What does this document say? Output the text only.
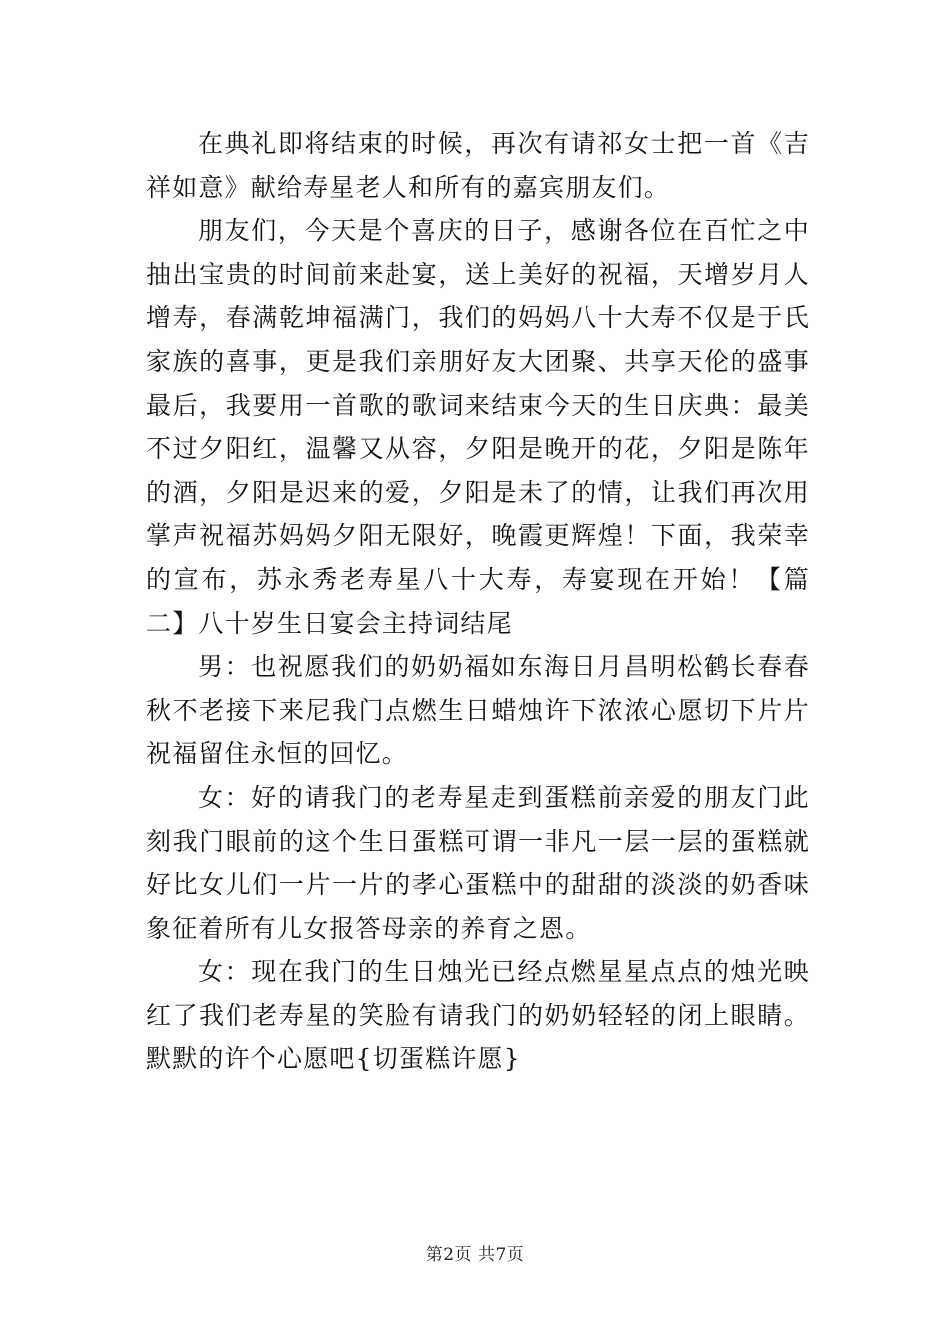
在典礼即将结束的时候，再次有请祁女士把一首《吉祥如意》献给寿星老人和所有的嘉宾朋友们。

朋友们，今天是个喜庆的日子，感谢各位在百忙之中抽出宝贵的时间前来赴宴，送上美好的祝福，天增岁月人增寿，春满乾坤福满门，我们的妈妈八十大寿不仅是于氏家族的喜事，更是我们亲朋好友大团聚、共享天伦的盛事最后，我要用一首歌的歌词来结束今天的生日庆典：最美不过夕阳红，温馨又从容，夕阳是晚开的花，夕阳是陈年的酒，夕阳是迟来的爱，夕阳是未了的情，让我们再次用掌声祝福苏妈妈夕阳无限好，晚霞更辉煌！下面，我荣幸的宣布，苏永秀老寿星八十大寿，寿宴现在开始！【篇二】八十岁生日宴会主持词结尾

男：也祝愿我们的奶奶福如东海日月昌明松鹤长春春秋不老接下来尼我门点燃生日蜡烛许下浓浓心愿切下片片祝福留住永恒的回忆。

女：好的请我门的老寿星走到蛋糕前亲爱的朋友门此刻我门眼前的这个生日蛋糕可谓一非凡一层一层的蛋糕就好比女儿们一片一片的孝心蛋糕中的甜甜的淡淡的奶香味象征着所有儿女报答母亲的养育之恩。

女：现在我门的生日烛光已经点燃星星点点的烛光映红了我们老寿星的笑脸有请我门的奶奶轻轻的闭上眼睛。默默的许个心愿吧{切蛋糕许愿}

第2页 共7页
